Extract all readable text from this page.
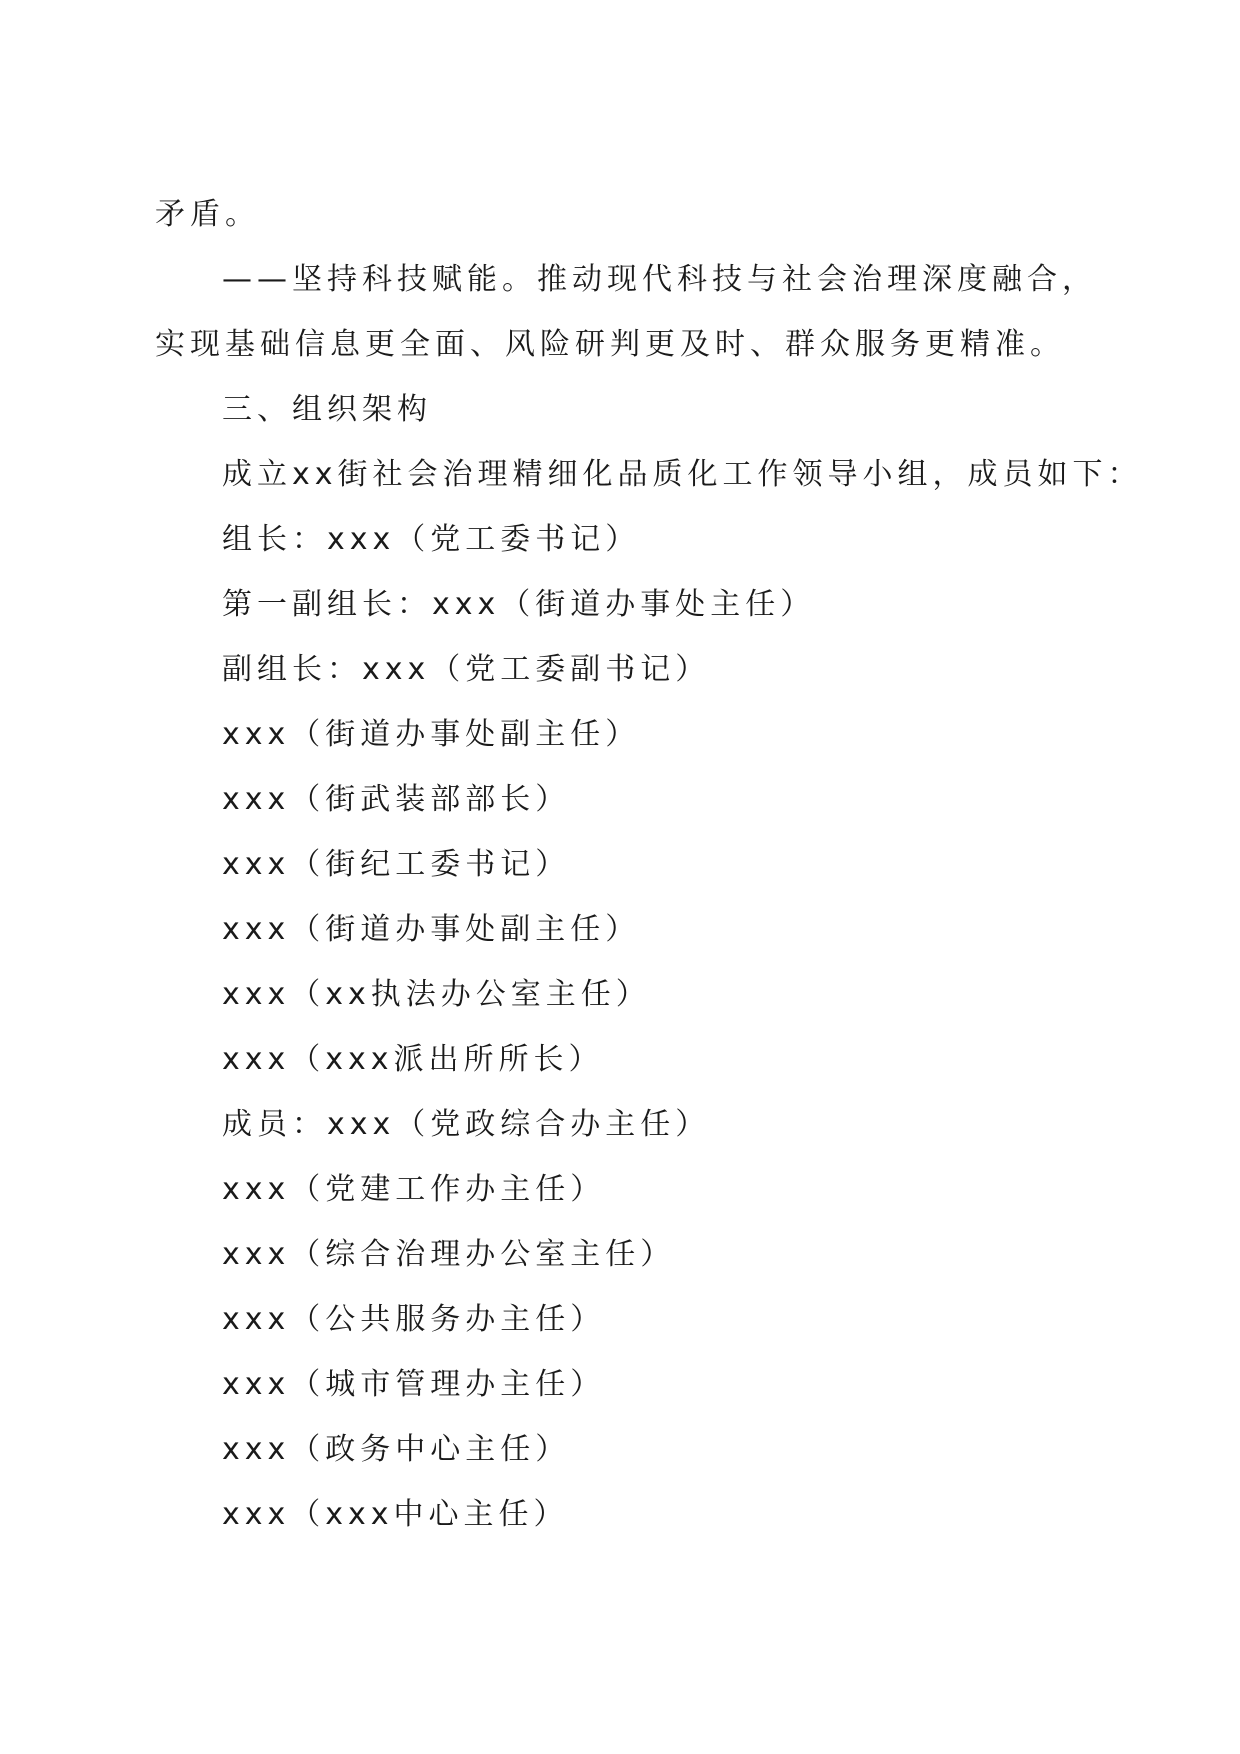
矛盾。
——坚持科技赋能。推动现代科技与社会治理深度融合，
实现基础信息更全面、风险研判更及时、群众服务更精准。
三、组织架构
成立xx街社会治理精细化品质化工作领导小组，成员如下：
组长：xxx（党工委书记）
第一副组长：xxx（街道办事处主任）
副组长：xxx（党工委副书记）
xxx（街道办事处副主任）
xxx（街武装部部长）
xxx（街纪工委书记）
xxx（街道办事处副主任）
xxx（xx执法办公室主任）
xxx（xxx派出所所长）
成员：xxx（党政综合办主任）
xxx（党建工作办主任）
xxx（综合治理办公室主任）
xxx（公共服务办主任）
xxx（城市管理办主任）
xxx（政务中心主任）
xxx（xxx中心主任）
